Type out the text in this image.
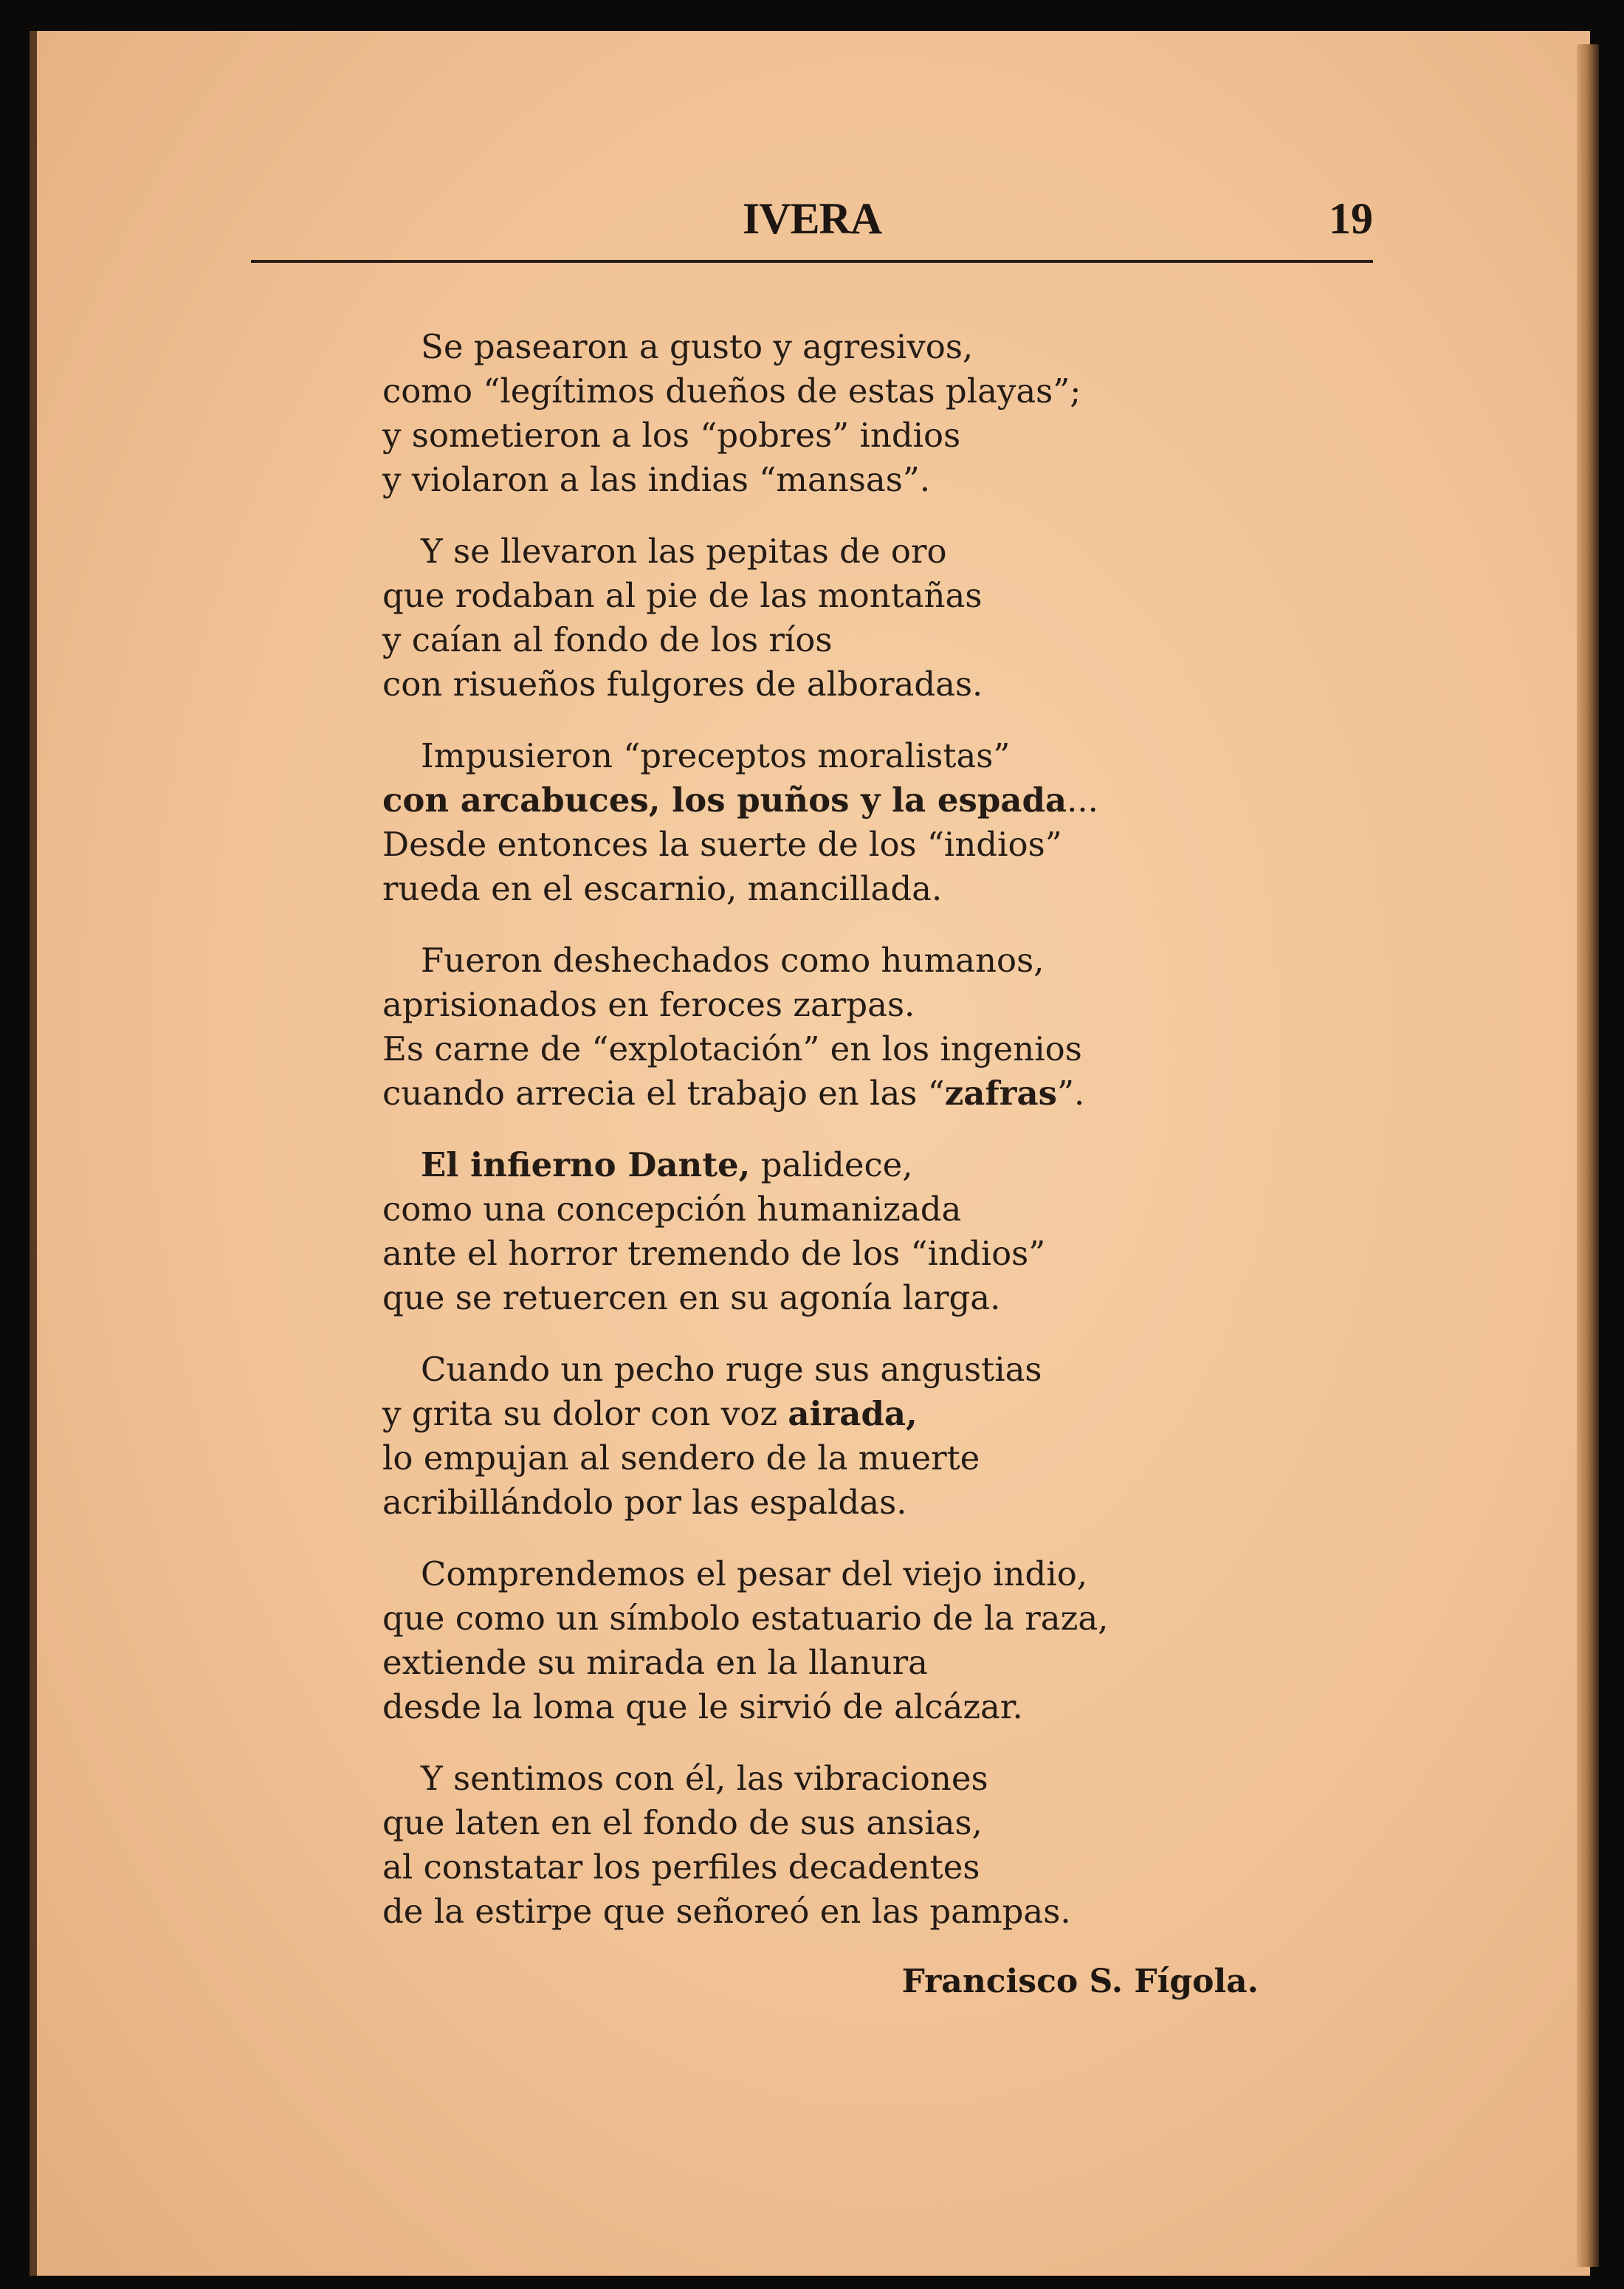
IVERA	19
Se pasearon a gusto y agresivos,
como “legítimos dueños de estas playas”;
y sometieron a los “pobres” indios
y violaron a las indias “mansas”.
Y se llevaron las pepitas de oro
que rodaban al pie de las montañas
y caían al fondo de los ríos
con risueños fulgores de alboradas.
Impusieron “preceptos moralistas”
con arcabuces, los puños y la espada...
Desde entonces la suerte de los “indios”
rueda en el escarnio, mancillada.
Fueron deshechados como humanos,
aprisionados en feroces zarpas.
Es carne de “explotación” en los ingenios
cuando arrecia el trabajo en las “zafras”.
El infierno Dante, palidece,
como una concepción humanizada
ante el horror tremendo de los “indios”
que se retuercen en su agonía larga.
Cuando un pecho ruge sus angustias
y grita su dolor con voz airada,
lo empujan al sendero de la muerte
acribillándolo por las espaldas.
Comprendemos el pesar del viejo indio,
que como un símbolo estatuario de la raza,
extiende su mirada en la llanura
desde la loma que le sirvió de alcázar.
Y sentimos con él, las vibraciones
que laten en el fondo de sus ansias,
al constatar los perfiles decadentes
de la estirpe que señoreó en las pampas.
Francisco S. Fígola.
